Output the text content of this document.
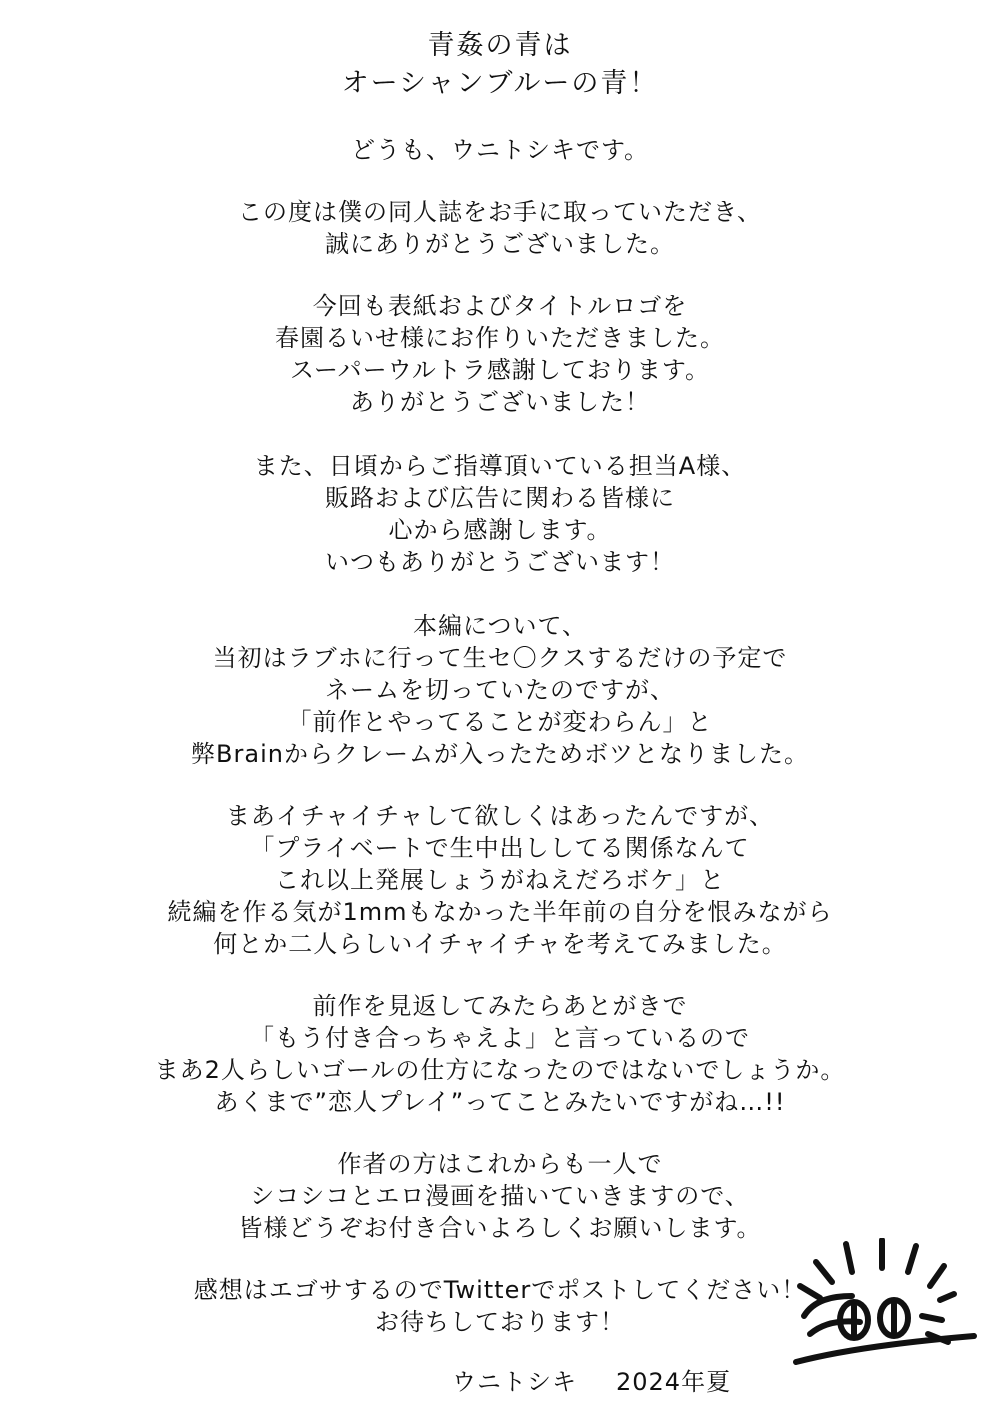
青姦の青は
オーシャンブルーの青！
どうも、ウニトシキです。
この度は僕の同人誌をお手に取っていただき、
誠にありがとうございました。
今回も表紙およびタイトルロゴを
春園るいせ様にお作りいただきました。
スーパーウルトラ感謝しております。
ありがとうございました！
また、日頃からご指導頂いている担当A様、
販路および広告に関わる皆様に
心から感謝します。
いつもありがとうございます！
本編について、
当初はラブホに行って生セ〇クスするだけの予定で
ネームを切っていたのですが、
「前作とやってることが変わらん」と
弊Brainからクレームが入ったためボツとなりました。
まあイチャイチャして欲しくはあったんですが、
「プライベートで生中出ししてる関係なんて
これ以上発展しょうがねえだろボケ」と
続編を作る気が1mmもなかった半年前の自分を恨みながら
何とか二人らしいイチャイチャを考えてみました。
前作を見返してみたらあとがきで
「もう付き合っちゃえよ」と言っているので
まあ2人らしいゴールの仕方になったのではないでしょうか。
あくまで”恋人プレイ”ってことみたいですがね…!!
作者の方はこれからも一人で
シコシコとエロ漫画を描いていきますので、
皆様どうぞお付き合いよろしくお願いします。
感想はエゴサするのでTwitterでポストしてください！
お待ちしております！
ウニトシキ 2024年夏
